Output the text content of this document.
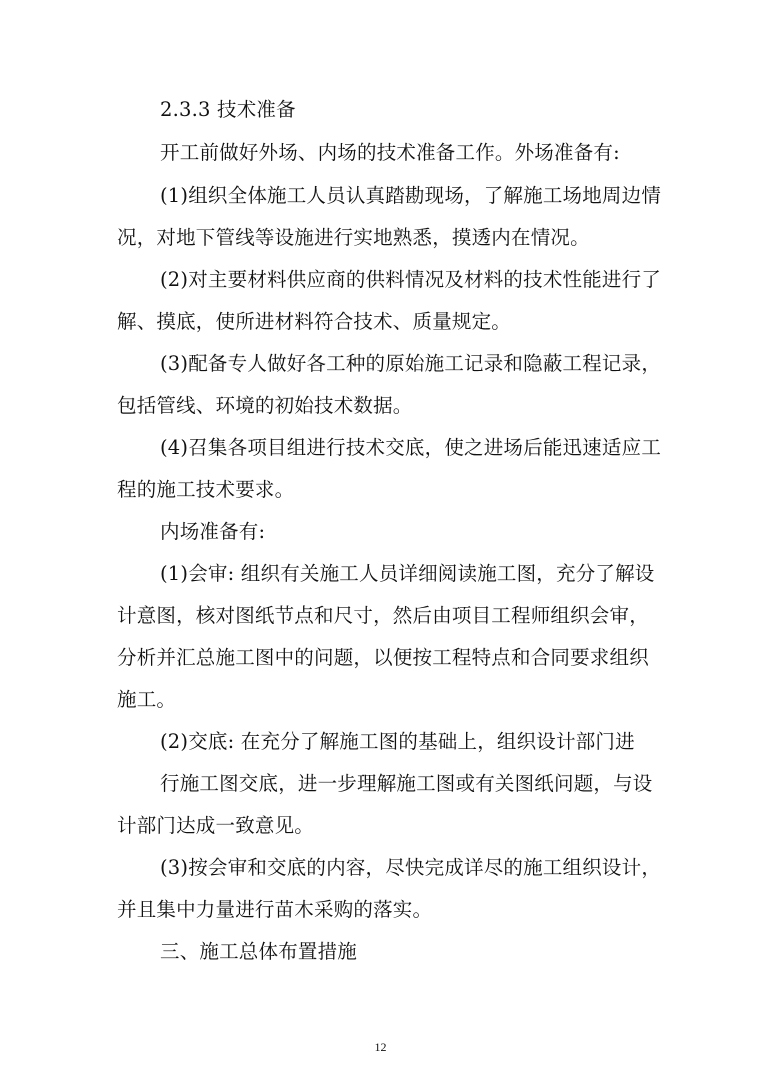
2.3.3 技术准备
开工前做好外场、内场的技术准备工作。外场准备有:
(1)组织全体施工人员认真踏勘现场，了解施工场地周边情
况，对地下管线等设施进行实地熟悉，摸透内在情况。
(2)对主要材料供应商的供料情况及材料的技术性能进行了
解、摸底，使所进材料符合技术、质量规定。
(3)配备专人做好各工种的原始施工记录和隐蔽工程记录，
包括管线、环境的初始技术数据。
(4)召集各项目组进行技术交底，使之进场后能迅速适应工
程的施工技术要求。
内场准备有:
(1)会审: 组织有关施工人员详细阅读施工图，充分了解设
计意图，核对图纸节点和尺寸，然后由项目工程师组织会审，
分析并汇总施工图中的问题，以便按工程特点和合同要求组织
施工。
(2)交底: 在充分了解施工图的基础上，组织设计部门进
行施工图交底，进一步理解施工图或有关图纸问题，与设
计部门达成一致意见。
(3)按会审和交底的内容，尽快完成详尽的施工组织设计，
并且集中力量进行苗木采购的落实。
三、施工总体布置措施
12
